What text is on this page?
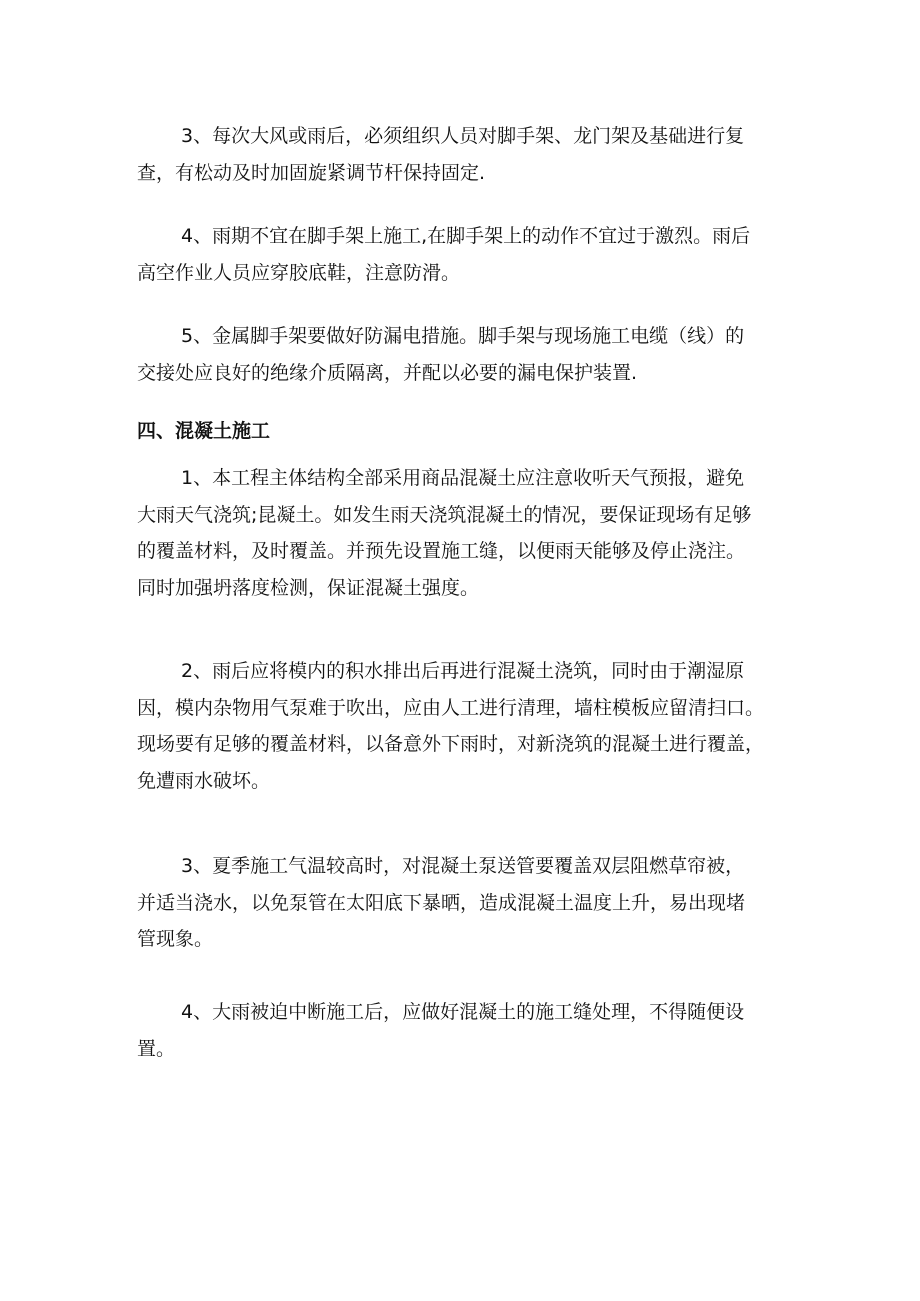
3、每次大风或雨后，必须组织人员对脚手架、龙门架及基础进行复
查，有松动及时加固旋紧调节杆保持固定.
4、雨期不宜在脚手架上施工,在脚手架上的动作不宜过于激烈。雨后
高空作业人员应穿胶底鞋，注意防滑。
5、金属脚手架要做好防漏电措施。脚手架与现场施工电缆（线）的
交接处应良好的绝缘介质隔离，并配以必要的漏电保护装置.
四、混凝土施工
1、本工程主体结构全部采用商品混凝土应注意收听天气预报，避免
大雨天气浇筑;昆凝土。如发生雨天浇筑混凝土的情况，要保证现场有足够
的覆盖材料，及时覆盖。并预先设置施工缝，以便雨天能够及停止浇注。
同时加强坍落度检测，保证混凝土强度。
2、雨后应将模内的积水排出后再进行混凝土浇筑，同时由于潮湿原
因，模内杂物用气泵难于吹出，应由人工进行清理，墙柱模板应留清扫口。
现场要有足够的覆盖材料，以备意外下雨时，对新浇筑的混凝土进行覆盖，
免遭雨水破坏。
3、夏季施工气温较高时，对混凝土泵送管要覆盖双层阻燃草帘被，
并适当浇水，以免泵管在太阳底下暴晒，造成混凝土温度上升，易出现堵
管现象。
4、大雨被迫中断施工后，应做好混凝土的施工缝处理，不得随便设
置。
